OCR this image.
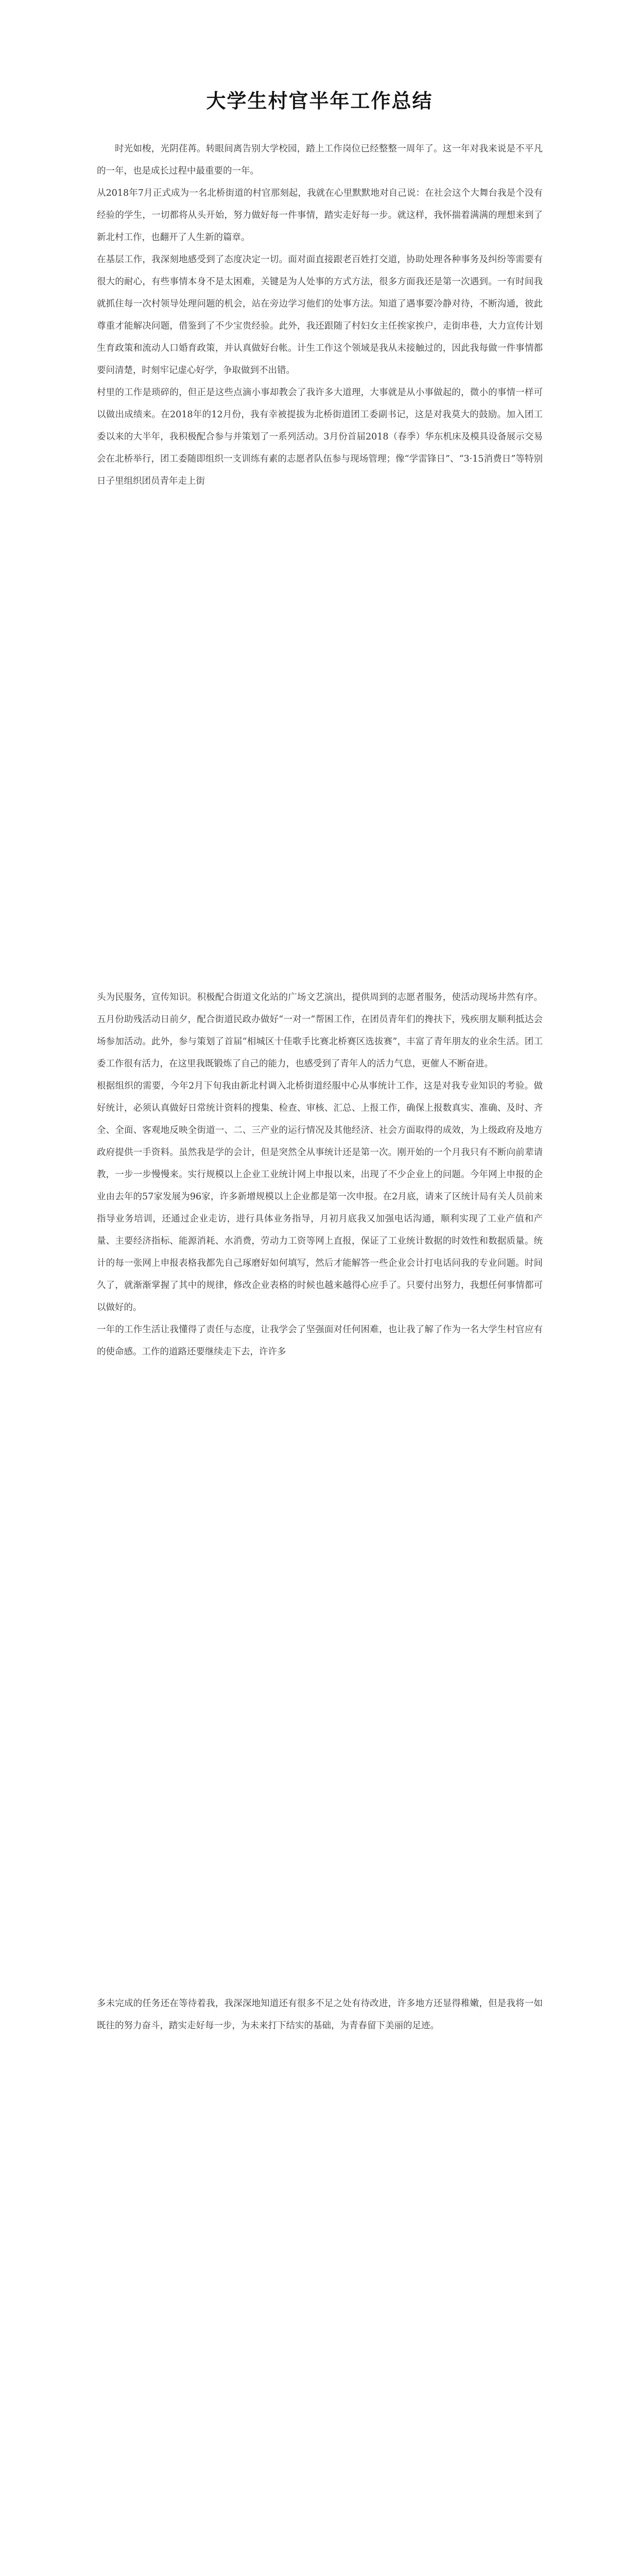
大学生村官半年工作总结

时光如梭，光阴荏苒。转眼间离告别大学校园，踏上工作岗位已经整整一周年了。这一年对我来说是不平凡的一年，也是成长过程中最重要的一年。

从2018年7月正式成为一名北桥街道的村官那刻起，我就在心里默默地对自己说：在社会这个大舞台我是个没有经验的学生，一切都将从头开始，努力做好每一件事情，踏实走好每一步。就这样，我怀揣着满满的理想来到了新北村工作，也翻开了人生新的篇章。

在基层工作，我深刻地感受到了态度决定一切。面对面直接跟老百姓打交道，协助处理各种事务及纠纷等需要有很大的耐心，有些事情本身不是太困难，关键是为人处事的方式方法，很多方面我还是第一次遇到。一有时间我就抓住每一次村领导处理问题的机会，站在旁边学习他们的处事方法。知道了遇事要冷静对待，不断沟通，彼此尊重才能解决问题，借鉴到了不少宝贵经验。此外，我还跟随了村妇女主任挨家挨户，走街串巷，大力宣传计划生育政策和流动人口婚育政策，并认真做好台帐。计生工作这个领域是我从未接触过的，因此我每做一件事情都要问清楚，时刻牢记虚心好学，争取做到不出错。

村里的工作是琐碎的，但正是这些点滴小事却教会了我许多大道理，大事就是从小事做起的，微小的事情一样可以做出成绩来。在2018年的12月份，我有幸被提拔为北桥街道团工委副书记，这是对我莫大的鼓励。加入团工委以来的大半年，我积极配合参与并策划了一系列活动。3月份首届2018（春季）华东机床及模具设备展示交易会在北桥举行，团工委随即组织一支训练有素的志愿者队伍参与现场管理；像“学雷锋日”、“3·15消费日”等特别日子里组织团员青年走上街

头为民服务，宣传知识。积极配合街道文化站的广场文艺演出，提供周到的志愿者服务，使活动现场井然有序。五月份助残活动日前夕，配合街道民政办做好“一对一”帮困工作，在团员青年们的搀扶下，残疾朋友顺利抵达会场参加活动。此外，参与策划了首届“相城区十佳歌手比赛北桥赛区选拔赛”，丰富了青年朋友的业余生活。团工委工作很有活力，在这里我既锻炼了自己的能力，也感受到了青年人的活力气息，更催人不断奋进。

根据组织的需要，今年2月下旬我由新北村调入北桥街道经服中心从事统计工作，这是对我专业知识的考验。做好统计，必须认真做好日常统计资料的搜集、检查、审核、汇总、上报工作，确保上报数真实、准确、及时、齐全、全面、客观地反映全街道一、二、三产业的运行情况及其他经济、社会方面取得的成效，为上级政府及地方政府提供一手资料。虽然我是学的会计，但是突然全从事统计还是第一次。刚开始的一个月我只有不断向前辈请教，一步一步慢慢来。实行规模以上企业工业统计网上申报以来，出现了不少企业上的问题。今年网上申报的企业由去年的57家发展为96家，许多新增规模以上企业都是第一次申报。在2月底，请来了区统计局有关人员前来指导业务培训，还通过企业走访，进行具体业务指导，月初月底我又加强电话沟通，顺利实现了工业产值和产量、主要经济指标、能源消耗、水消费，劳动力工资等网上直报，保证了工业统计数据的时效性和数据质量。统计的每一张网上申报表格我都先自己琢磨好如何填写，然后才能解答一些企业会计打电话问我的专业问题。时间久了，就渐渐掌握了其中的规律，修改企业表格的时候也越来越得心应手了。只要付出努力，我想任何事情都可以做好的。

一年的工作生活让我懂得了责任与态度，让我学会了坚强面对任何困难，也让我了解了作为一名大学生村官应有的使命感。工作的道路还要继续走下去，许许多

多未完成的任务还在等待着我，我深深地知道还有很多不足之处有待改进，许多地方还显得稚嫩，但是我将一如既往的努力奋斗，踏实走好每一步，为未来打下结实的基础，为青春留下美丽的足迹。
